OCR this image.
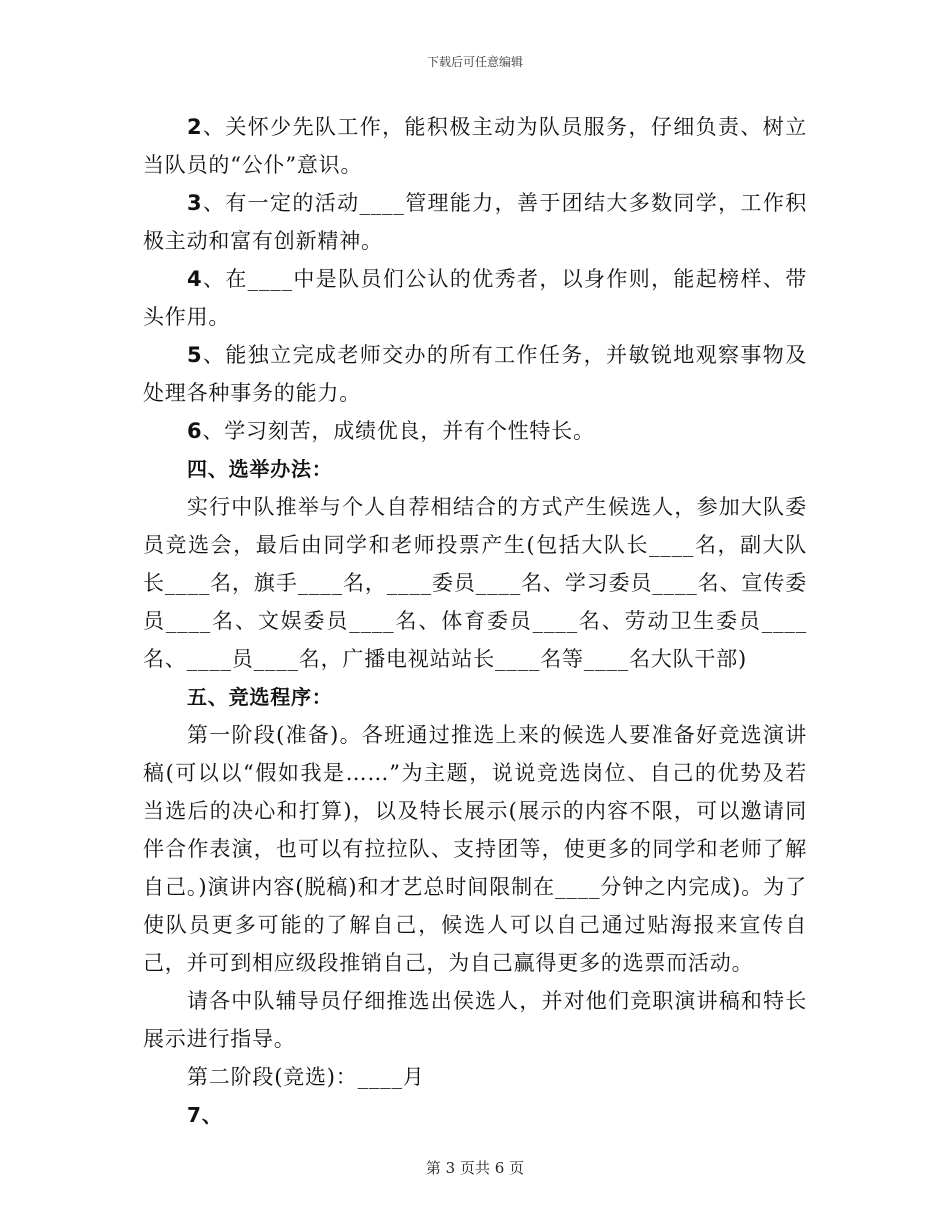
下载后可任意编辑

2、关怀少先队工作，能积极主动为队员服务，仔细负责、树立当队员的“公仆”意识。

3、有一定的活动____管理能力，善于团结大多数同学，工作积极主动和富有创新精神。

4、在____中是队员们公认的优秀者，以身作则，能起榜样、带头作用。

5、能独立完成老师交办的所有工作任务，并敏锐地观察事物及处理各种事务的能力。

6、学习刻苦，成绩优良，并有个性特长。

四、选举办法：

实行中队推举与个人自荐相结合的方式产生候选人，参加大队委员竞选会，最后由同学和老师投票产生(包括大队长____名，副大队长____名，旗手____名，____委员____名、学习委员____名、宣传委员____名、文娱委员____名、体育委员____名、劳动卫生委员____名、____员____名，广播电视站站长____名等____名大队干部)

五、竞选程序：

第一阶段(准备)。各班通过推选上来的候选人要准备好竞选演讲稿(可以以“假如我是……”为主题，说说竞选岗位、自己的优势及若当选后的决心和打算)，以及特长展示(展示的内容不限，可以邀请同伴合作表演，也可以有拉拉队、支持团等，使更多的同学和老师了解自己。)演讲内容(脱稿)和才艺总时间限制在____分钟之内完成)。为了使队员更多可能的了解自己，候选人可以自己通过贴海报来宣传自己，并可到相应级段推销自己，为自己赢得更多的选票而活动。

请各中队辅导员仔细推选出侯选人，并对他们竞职演讲稿和特长展示进行指导。

第二阶段(竞选)：____月

7、

第 3 页共 6 页
